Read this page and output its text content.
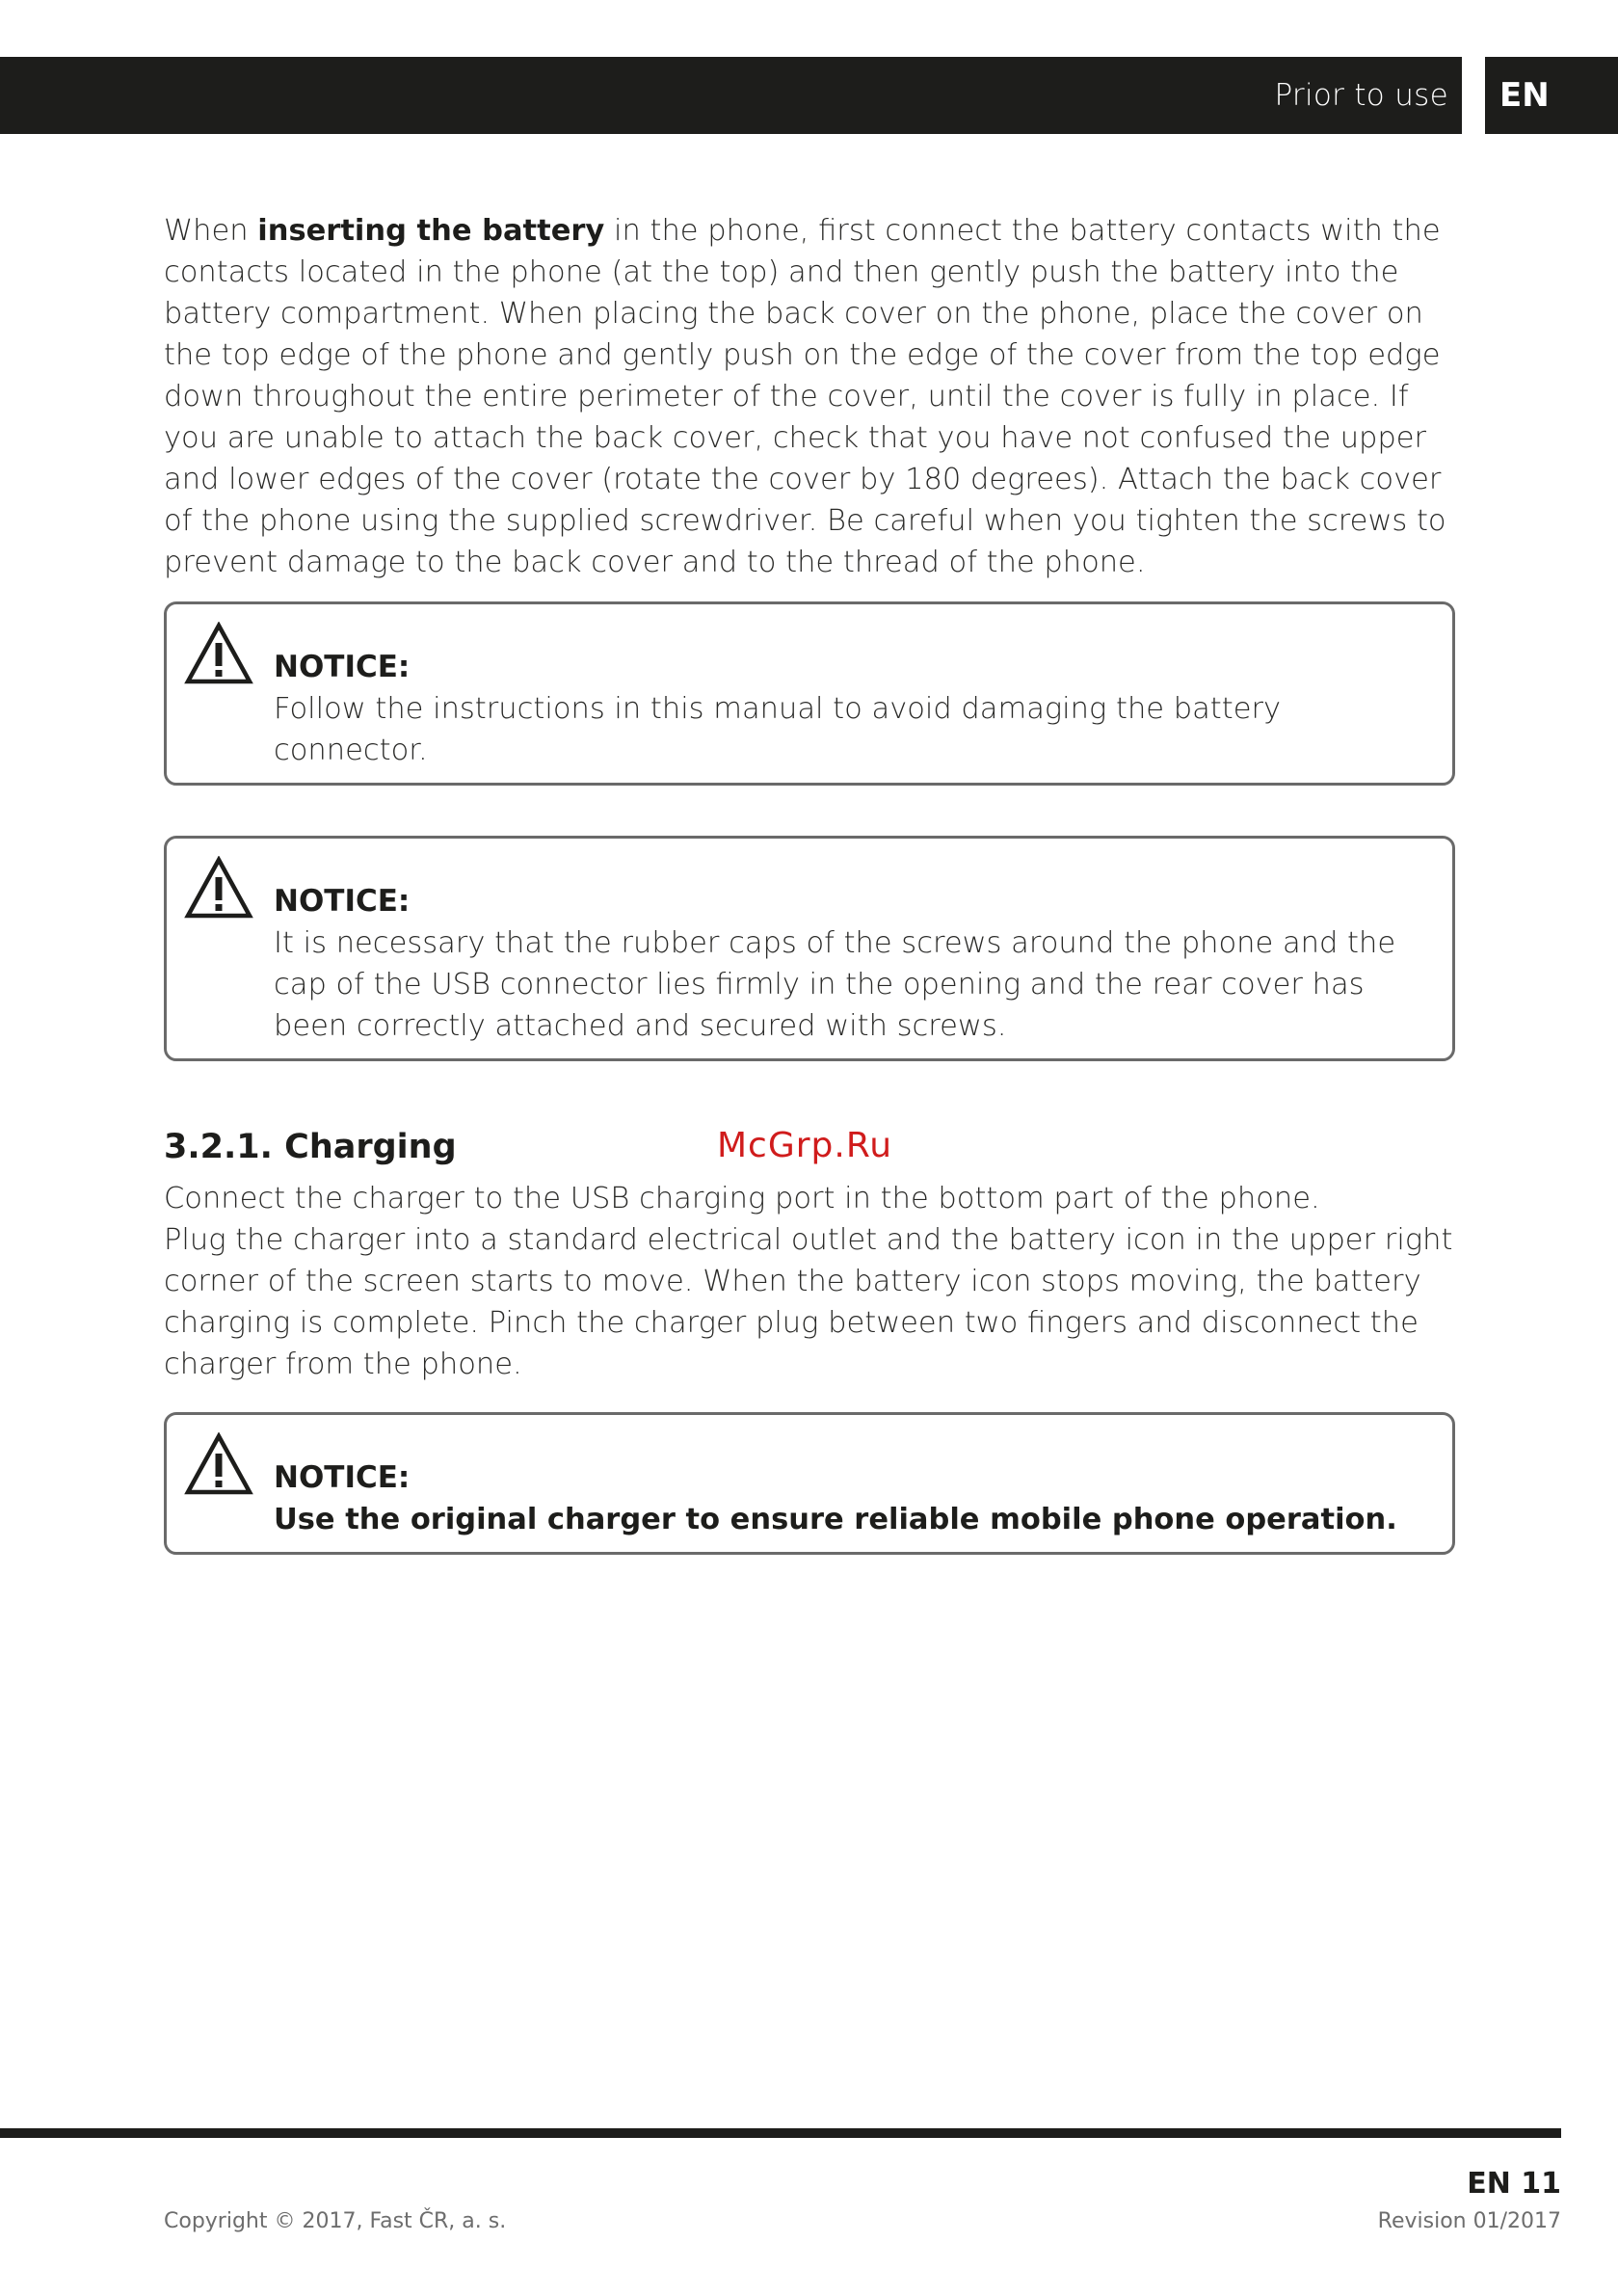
Prior to use EN

When inserting the battery in the phone, first connect the battery contacts with the contacts located in the phone (at the top) and then gently push the battery into the battery compartment. When placing the back cover on the phone, place the cover on the top edge of the phone and gently push on the edge of the cover from the top edge down throughout the entire perimeter of the cover, until the cover is fully in place. If you are unable to attach the back cover, check that you have not confused the upper and lower edges of the cover (rotate the cover by 180 degrees). Attach the back cover of the phone using the supplied screwdriver. Be careful when you tighten the screws to prevent damage to the back cover and to the thread of the phone.

NOTICE:
Follow the instructions in this manual to avoid damaging the battery connector.
NOTICE:
It is necessary that the rubber caps of the screws around the phone and the cap of the USB connector lies firmly in the opening and the rear cover has been correctly attached and secured with screws.
3.2.1. Charging

Connect the charger to the USB charging port in the bottom part of the phone.
Plug the charger into a standard electrical outlet and the battery icon in the upper right corner of the screen starts to move. When the battery icon stops moving, the battery charging is complete. Pinch the charger plug between two fingers and disconnect the charger from the phone.

NOTICE:
Use the original charger to ensure reliable mobile phone operation.
McGrp.Ru
EN 11
Copyright © 2017, Fast ČR, a. s.	Revision 01/2017
